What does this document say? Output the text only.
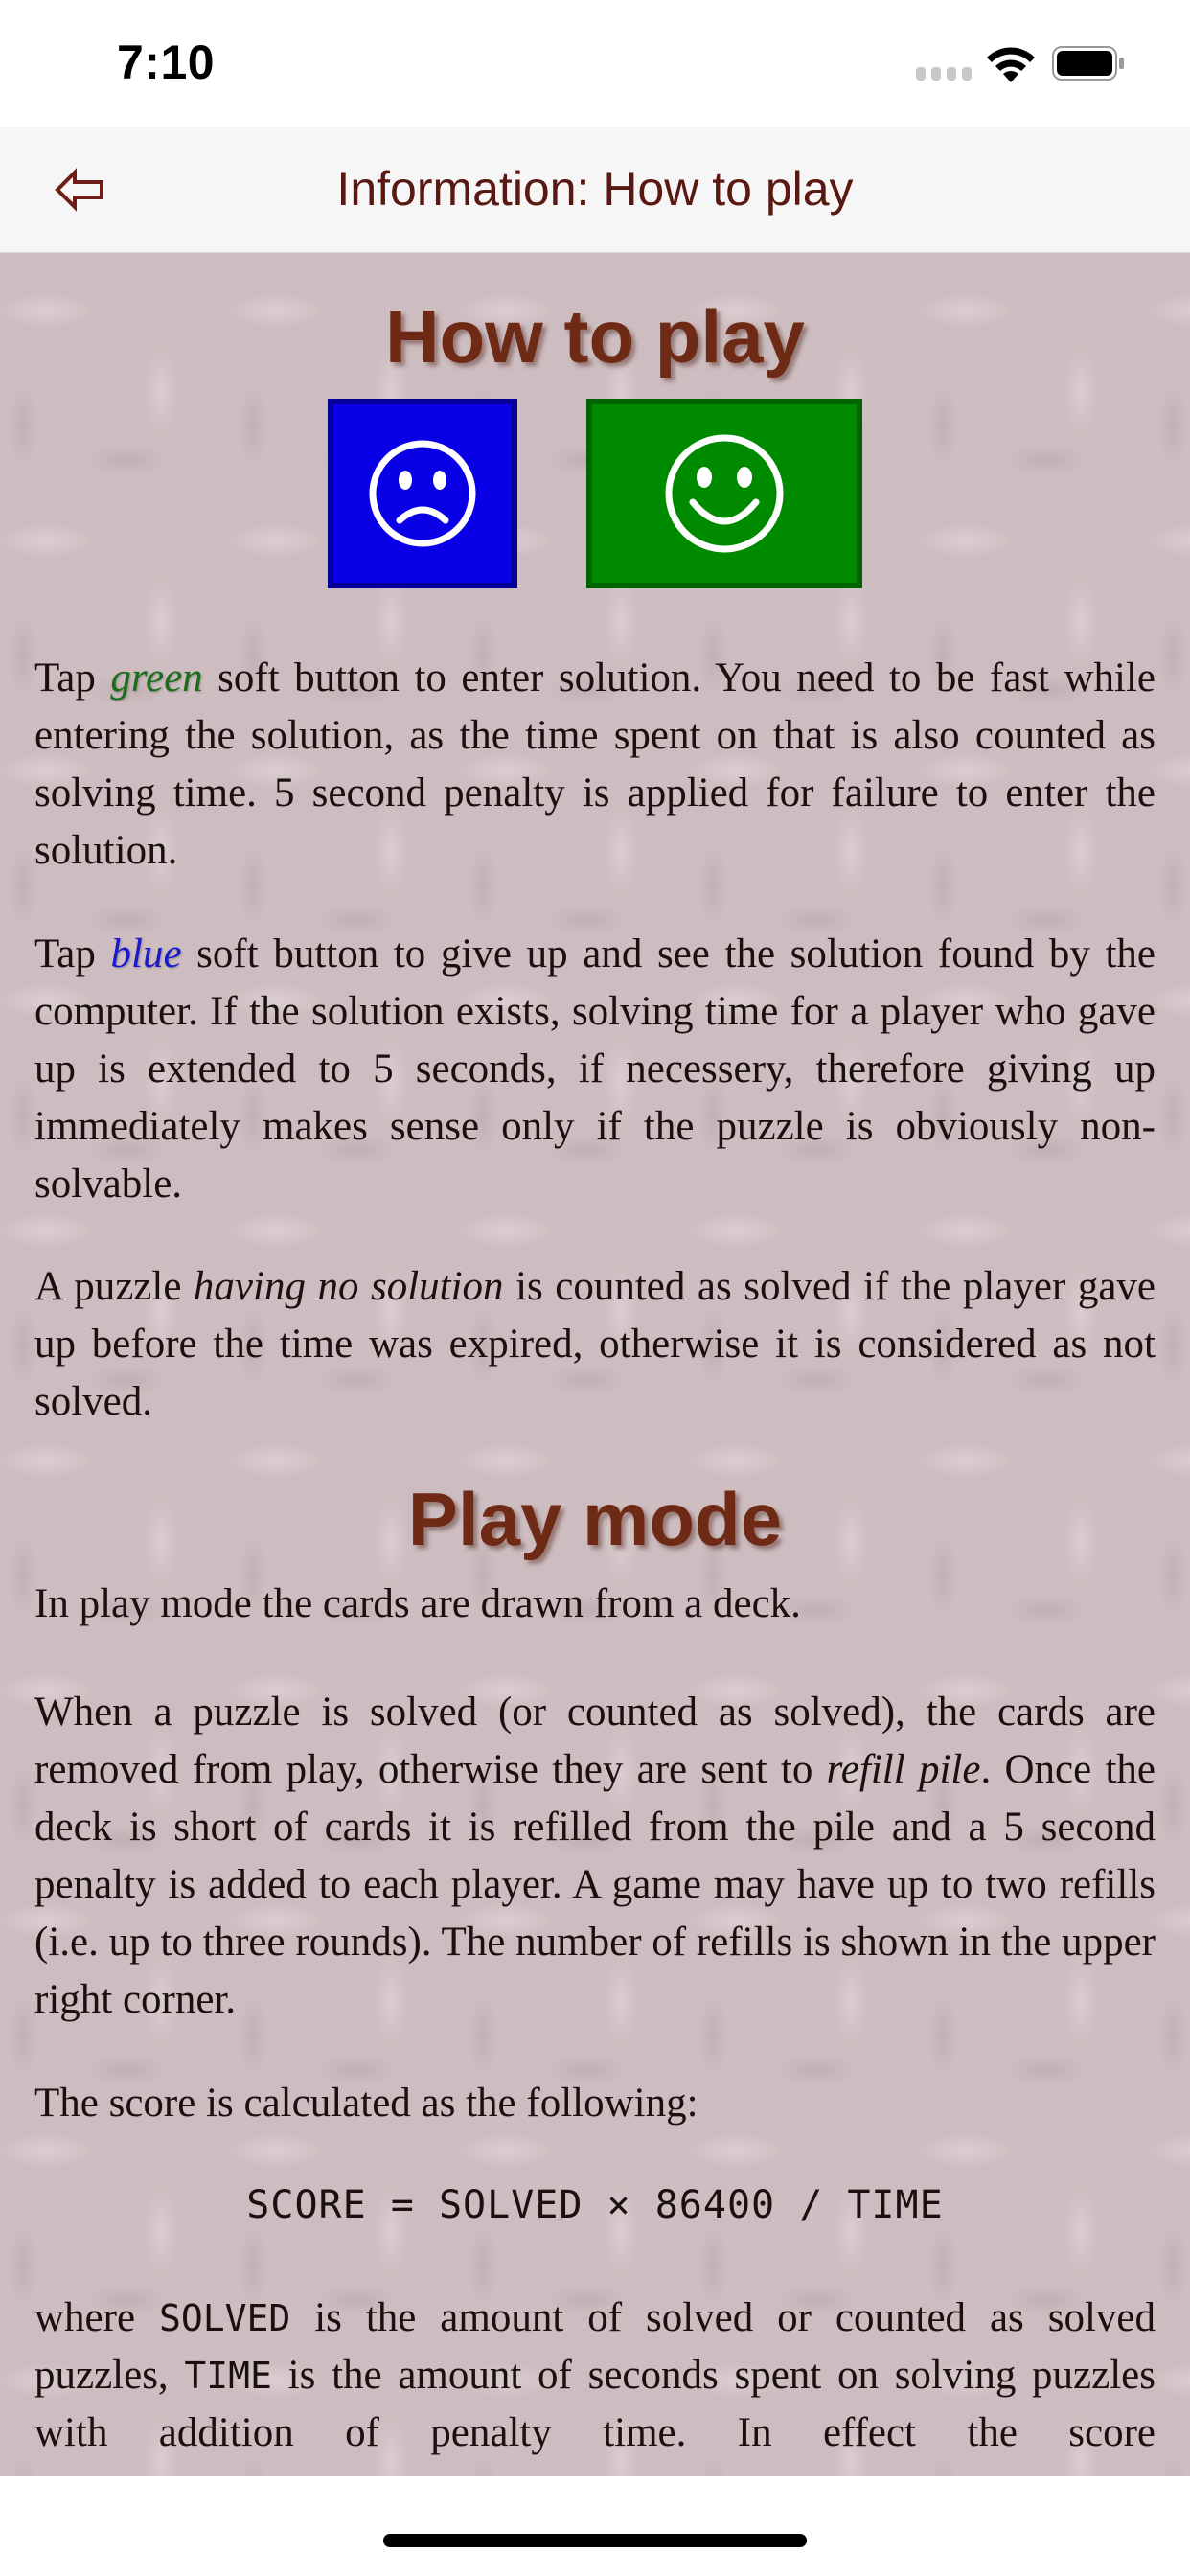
7:10
Information: How to play
How to play

Tap green soft button to enter solution. You need to be fast while entering the solution, as the time spent on that is also counted as solving time. 5 second penalty is applied for failure to enter the solution.

Tap blue soft button to give up and see the solution found by the computer. If the solution exists, solving time for a player who gave up is extended to 5 seconds, if necessery, therefore giving up immediately makes sense only if the puzzle is obviously non-solvable.

A puzzle having no solution is counted as solved if the player gave up before the time was expired, otherwise it is considered as not solved.

Play mode

In play mode the cards are drawn from a deck.

When a puzzle is solved (or counted as solved), the cards are removed from play, otherwise they are sent to refill pile. Once the deck is short of cards it is refilled from the pile and a 5 second penalty is added to each player. A game may have up to two refills (i.e. up to three rounds). The number of refills is shown in the upper right corner.

The score is calculated as the following:

SCORE = SOLVED × 86400 / TIME

where SOLVED is the amount of solved or counted as solved puzzles, TIME is the amount of seconds spent on solving puzzles with addition of penalty time. In effect the score
